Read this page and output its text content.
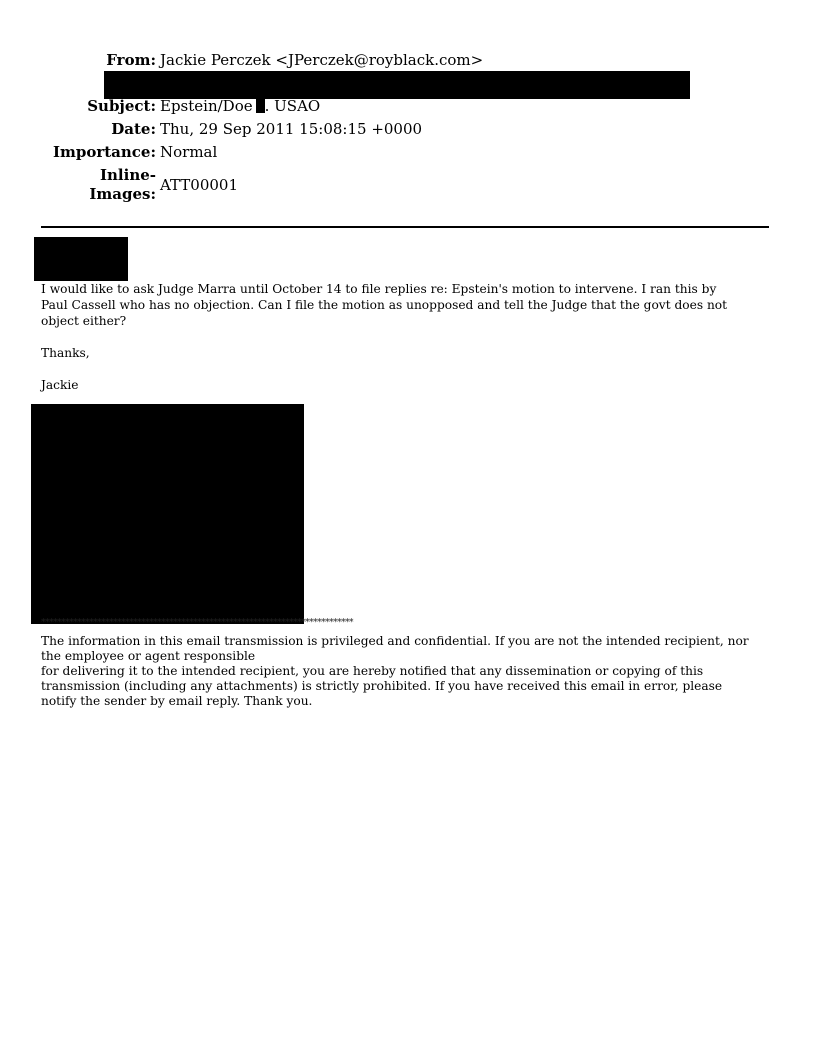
From: Jackie Perczek <JPerczek@royblack.com>
Subject: Epstein/Doe . USAO
Date: Thu, 29 Sep 2011 15:08:15 +0000
Importance: Normal
Inline-
Images: ATT00001
I would like to ask Judge Marra until October 14 to file replies re: Epstein's motion to intervene. I ran this by
Paul Cassell who has no objection. Can I file the motion as unopposed and tell the Judge that the govt does not
object either?
Thanks,
Jackie
******************************************************************************
The information in this email transmission is privileged and confidential. If you are not the intended recipient, nor
the employee or agent responsible
for delivering it to the intended recipient, you are hereby notified that any dissemination or copying of this
transmission (including any attachments) is strictly prohibited. If you have received this email in error, please
notify the sender by email reply. Thank you.
